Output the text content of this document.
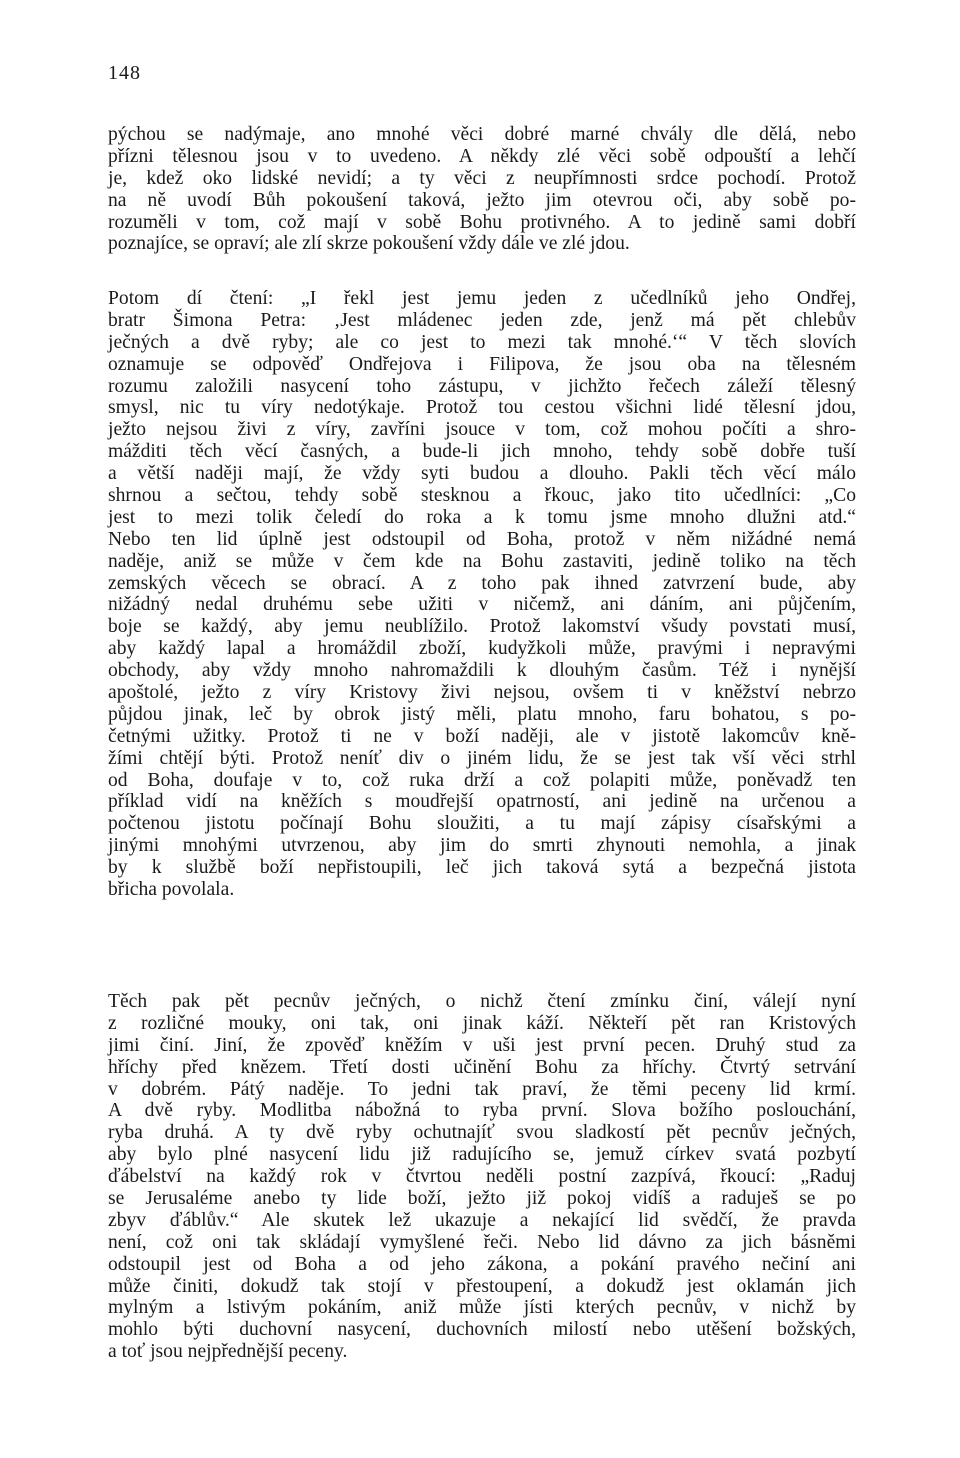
148
pýchou se nadýmaje, ano mnohé věci dobré marné chvály dle dělá, nebo
přízni tělesnou jsou v to uvedeno. A někdy zlé věci sobě odpouští a lehčí
je, kdež oko lidské nevidí; a ty věci z neupřímnosti srdce pochodí. Protož
na ně uvodí Bůh pokoušení taková, ježto jim otevrou oči, aby sobě po-
rozuměli v tom, což mají v sobě Bohu protivného. A to jedině sami dobří
poznajíce, se opraví; ale zlí skrze pokoušení vždy dále ve zlé jdou.
Potom dí čtení: „I řekl jest jemu jeden z učedlníků jeho Ondřej,
bratr Šimona Petra: ‚Jest mládenec jeden zde, jenž má pět chlebův
ječných a dvě ryby; ale co jest to mezi tak mnohé.‘“ V těch slovích
oznamuje se odpověď Ondřejova i Filipova, že jsou oba na tělesném
rozumu založili nasycení toho zástupu, v jichžto řečech záleží tělesný
smysl, nic tu víry nedotýkaje. Protož tou cestou všichni lidé tělesní jdou,
ježto nejsou živi z víry, zavříni jsouce v tom, což mohou počíti a shro-
mážditi těch věcí časných, a bude-li jich mnoho, tehdy sobě dobře tuší
a větší naději mají, že vždy syti budou a dlouho. Pakli těch věcí málo
shrnou a sečtou, tehdy sobě stesknou a řkouc, jako tito učedlníci: „Co
jest to mezi tolik čeledí do roka a k tomu jsme mnoho dlužni atd.“
Nebo ten lid úplně jest odstoupil od Boha, protož v něm nižádné nemá
naděje, aniž se může v čem kde na Bohu zastaviti, jedině toliko na těch
zemských věcech se obrací. A z toho pak ihned zatvrzení bude, aby
nižádný nedal druhému sebe užiti v ničemž, ani dáním, ani půjčením,
boje se každý, aby jemu neublížilo. Protož lakomství všudy povstati musí,
aby každý lapal a hromáždil zboží, kudyžkoli může, pravými i nepravými
obchody, aby vždy mnoho nahromaždili k dlouhým časům. Též i nynější
apoštolé, ježto z víry Kristovy živi nejsou, ovšem ti v kněžství nebrzo
půjdou jinak, leč by obrok jistý měli, platu mnoho, faru bohatou, s po-
četnými užitky. Protož ti ne v boží naději, ale v jistotě lakomcův kně-
žími chtějí býti. Protož neníť div o jiném lidu, že se jest tak vší věci strhl
od Boha, doufaje v to, což ruka drží a což polapiti může, poněvadž ten
příklad vidí na kněžích s moudřejší opatrností, ani jedině na určenou a
počtenou jistotu počínají Bohu sloužiti, a tu mají zápisy císařskými a
jinými mnohými utvrzenou, aby jim do smrti zhynouti nemohla, a jinak
by k službě boží nepřistoupili, leč jich taková sytá a bezpečná jistota
břicha povolala.
Těch pak pět pecnův ječných, o nichž čtení zmínku činí, válejí nyní
z rozličné mouky, oni tak, oni jinak káží. Někteří pět ran Kristových
jimi činí. Jiní, že zpověď kněžím v uši jest první pecen. Druhý stud za
hříchy před knězem. Třetí dosti učinění Bohu za hříchy. Čtvrtý setrvání
v dobrém. Pátý naděje. To jedni tak praví, že těmi peceny lid krmí.
A dvě ryby. Modlitba nábožná to ryba první. Slova božího poslouchání,
ryba druhá. A ty dvě ryby ochutnajíť svou sladkostí pět pecnův ječných,
aby bylo plné nasycení lidu již radujícího se, jemuž církev svatá pozbytí
ďábelství na každý rok v čtvrtou neděli postní zazpívá, řkoucí: „Raduj
se Jerusaléme anebo ty lide boží, ježto již pokoj vidíš a raduješ se po
zbyv ďáblův.“ Ale skutek lež ukazuje a nekající lid svědčí, že pravda
není, což oni tak skládají vymyšlené řeči. Nebo lid dávno za jich básněmi
odstoupil jest od Boha a od jeho zákona, a pokání pravého nečiní ani
může činiti, dokudž tak stojí v přestoupení, a dokudž jest oklamán jich
mylným a lstivým pokáním, aniž může jísti kterých pecnův, v nichž by
mohlo býti duchovní nasycení, duchovních milostí nebo utěšení božských,
a toť jsou nejpřednější peceny.
